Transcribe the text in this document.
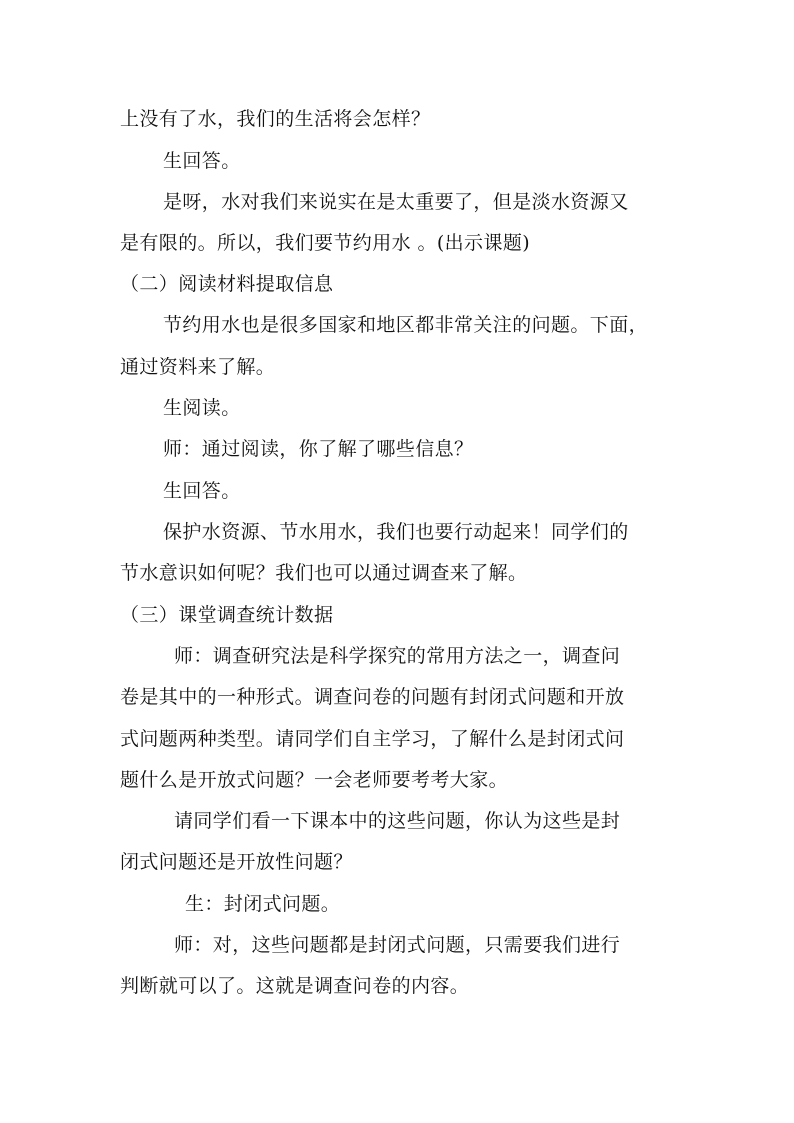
上没有了水，我们的生活将会怎样？
生回答。
是呀，水对我们来说实在是太重要了，但是淡水资源又
是有限的。所以，我们要节约用水 。(出示课题)
（二）阅读材料提取信息
节约用水也是很多国家和地区都非常关注的问题。下面，
通过资料来了解。
生阅读。
师：通过阅读，你了解了哪些信息？
生回答。
保护水资源、节水用水，我们也要行动起来！同学们的
节水意识如何呢？我们也可以通过调查来了解。
（三）课堂调查统计数据
师：调查研究法是科学探究的常用方法之一，调查问
卷是其中的一种形式。调查问卷的问题有封闭式问题和开放
式问题两种类型。请同学们自主学习，了解什么是封闭式问
题什么是开放式问题？一会老师要考考大家。
请同学们看一下课本中的这些问题，你认为这些是封
闭式问题还是开放性问题？
生：封闭式问题。
师：对，这些问题都是封闭式问题，只需要我们进行
判断就可以了。这就是调查问卷的内容。
